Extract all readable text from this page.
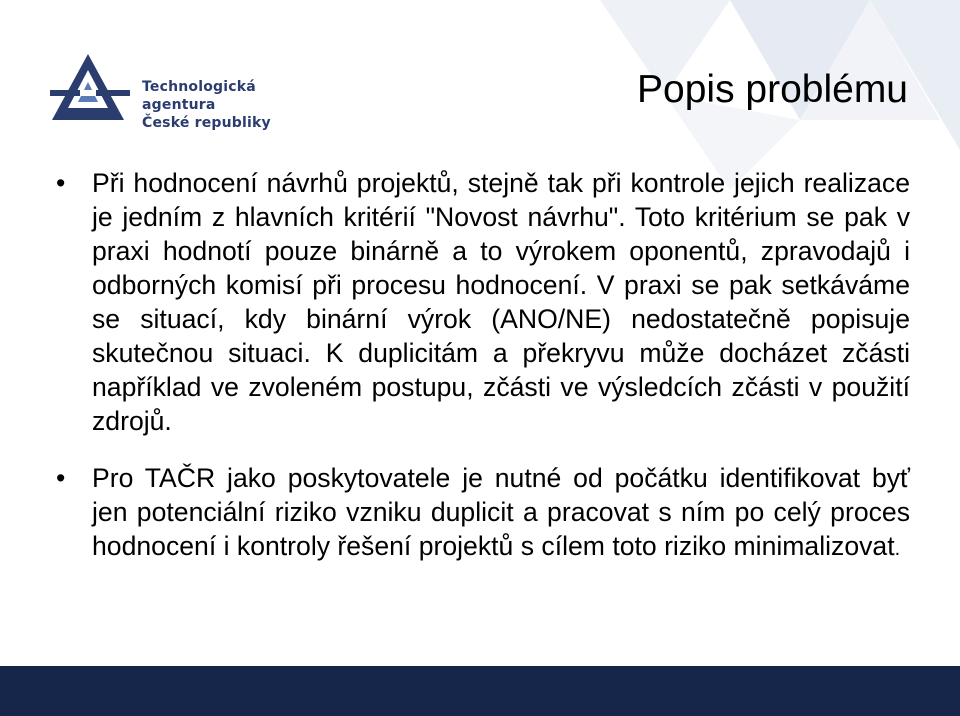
Technologická agentura
České republiky
Popis problému
• Při hodnocení návrhů projektů, stejně tak při kontrole jejich realizace je jedním z hlavních kritérií "Novost návrhu". Toto kritérium se pak v praxi hodnotí pouze binárně a to výrokem oponentů, zpravodajů i odborných komisí při procesu hodnocení. V praxi se pak setkáváme se situací, kdy binární výrok (ANO/NE) nedostatečně popisuje skutečnou situaci. K duplicitám a překryvu může docházet zčásti například ve zvoleném postupu, zčásti ve výsledcích zčásti v použití zdrojů.
• Pro TAČR jako poskytovatele je nutné od počátku identifikovat byť jen potenciální riziko vzniku duplicit a pracovat s ním po celý proces hodnocení i kontroly řešení projektů s cílem toto riziko minimalizovat.
